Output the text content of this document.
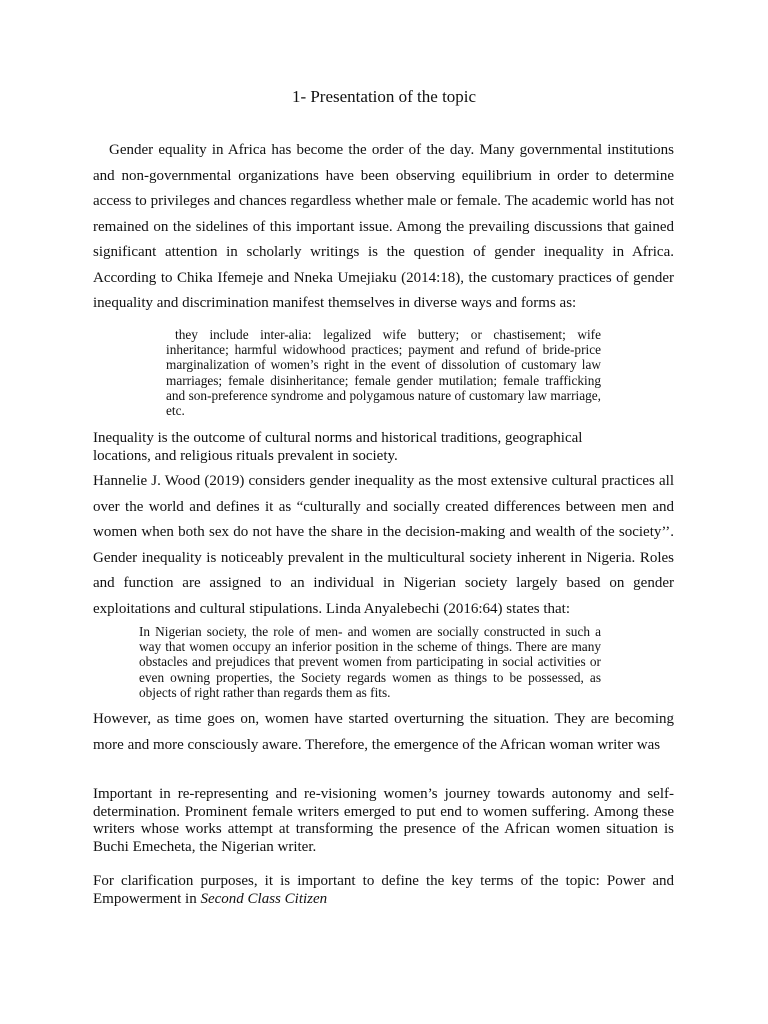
1- Presentation of the topic

Gender equality in Africa has become the order of the day. Many governmental institutions and non-governmental organizations have been observing equilibrium in order to determine access to privileges and chances regardless whether male or female. The academic world has not remained on the sidelines of this important issue. Among the prevailing discussions that gained significant attention in scholarly writings is the question of gender inequality in Africa. According to Chika Ifemeje and Nneka Umejiaku (2014:18), the customary practices of gender inequality and discrimination manifest themselves in diverse ways and forms as:

they include inter-alia: legalized wife buttery; or chastisement; wife inheritance; harmful widowhood practices; payment and refund of bride-price marginalization of women’s right in the event of dissolution of customary law marriages; female disinheritance; female gender mutilation; female trafficking and son-preference syndrome and polygamous nature of customary law marriage, etc.

Inequality is the outcome of cultural norms and historical traditions, geographical locations, and religious rituals prevalent in society.

Hannelie J. Wood (2019) considers gender inequality as the most extensive cultural practices all over the world and defines it as “culturally and socially created differences between men and women when both sex do not have the share in the decision-making and wealth of the society’’. Gender inequality is noticeably prevalent in the multicultural society inherent in Nigeria. Roles and function are assigned to an individual in Nigerian society largely based on gender exploitations and cultural stipulations. Linda Anyalebechi (2016:64) states that:

In Nigerian society, the role of men- and women are socially constructed in such a way that women occupy an inferior position in the scheme of things. There are many obstacles and prejudices that prevent women from participating in social activities or even owning properties, the Society regards women as things to be possessed, as objects of right rather than regards them as fits.

However, as time goes on, women have started overturning the situation. They are becoming more and more consciously aware. Therefore, the emergence of the African woman writer was

Important in re-representing and re-visioning women’s journey towards autonomy and self-determination. Prominent female writers emerged to put end to women suffering. Among these writers whose works attempt at transforming the presence of the African women situation is Buchi Emecheta, the Nigerian writer.

For clarification purposes, it is important to define the key terms of the topic: Power and Empowerment in Second Class Citizen
